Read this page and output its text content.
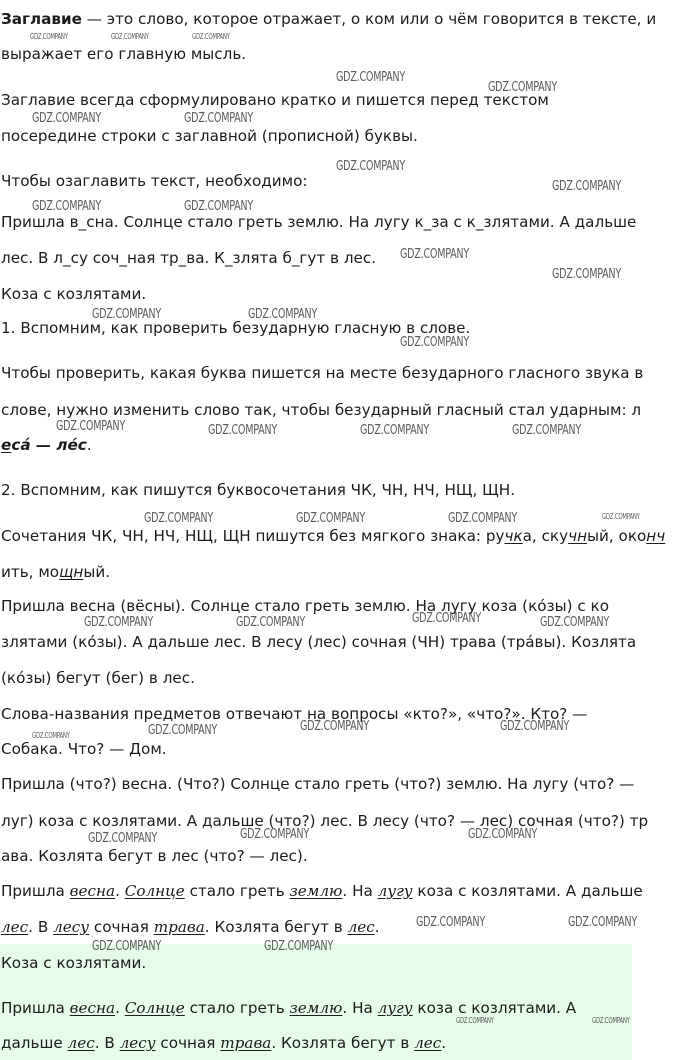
Заглавие — это слово, которое отражает, о ком или о чём говорится в тексте, и
выражает его главную мысль.
Заглавие всегда сформулировано кратко и пишется перед текстом
посередине строки с заглавной (прописной) буквы.
Чтобы озаглавить текст, необходимо:
Пришла в_сна. Солнце стало греть землю. На лугу к_за с к_злятами. А дальше
лес. В л_су соч_ная тр_ва. К_злята б_гут в лес.
Коза с козлятами.
1. Вспомним, как проверить безударную гласную в слове.
Чтобы проверить, какая буква пишется на месте безударного гласного звука в
слове, нужно изменить слово так, чтобы безударный гласный стал ударным: л
есá — лéс.
2. Вспомним, как пишутся буквосочетания ЧК, ЧН, НЧ, НЩ, ЩН.
Сочетания ЧК, ЧН, НЧ, НЩ, ЩН пишутся без мягкого знака: ручка, скучный, оконч
ить, мощный.
Пришла весна (вёсны). Солнце стало греть землю. На лугу коза (кóзы) с ко
злятами (кóзы). А дальше лес. В лесу (лес) сочная (ЧН) трава (трáвы). Козлята
(кóзы) бегут (бег) в лес.
Слова-названия предметов отвечают на вопросы «кто?», «что?». Кто? —
Собака. Что? — Дом.
Пришла (что?) весна. (Что?) Солнце стало греть (что?) землю. На лугу (что? —
луг) коза с козлятами. А дальше (что?) лес. В лесу (что? — лес) сочная (что?) тр
ава. Козлята бегут в лес (что? — лес).
Пришла весна. Солнце стало греть землю. На лугу коза с козлятами. А дальше
лес. В лесу сочная трава. Козлята бегут в лес.
Коза с козлятами.
Пришла весна. Солнце стало греть землю. На лугу коза с козлятами. А
дальше лес. В лесу сочная трава. Козлята бегут в лес.
GDZ.COMPANY	GDZ.COMPANY	GDZ.COMPANY
GDZ.COMPANY
GDZ.COMPANY
GDZ.COMPANY	GDZ.COMPANY
GDZ.COMPANY
GDZ.COMPANY
GDZ.COMPANY	GDZ.COMPANY
GDZ.COMPANY
GDZ.COMPANY
GDZ.COMPANY	GDZ.COMPANY
GDZ.COMPANY
GDZ.COMPANY	GDZ.COMPANY	GDZ.COMPANY	GDZ.COMPANY
GDZ.COMPANY
GDZ.COMPANY	GDZ.COMPANY	GDZ.COMPANY
GDZ.COMPANY
GDZ.COMPANY	GDZ.COMPANY	GDZ.COMPANY
GDZ.COMPANY	GDZ.COMPANY	GDZ.COMPANY
GDZ.COMPANY
GDZ.COMPANY	GDZ.COMPANY
GDZ.COMPANY
GDZ.COMPANY	GDZ.COMPANY
GDZ.COMPANY	GDZ.COMPANY
GDZ.COMPANY	GDZ.COMPANY
